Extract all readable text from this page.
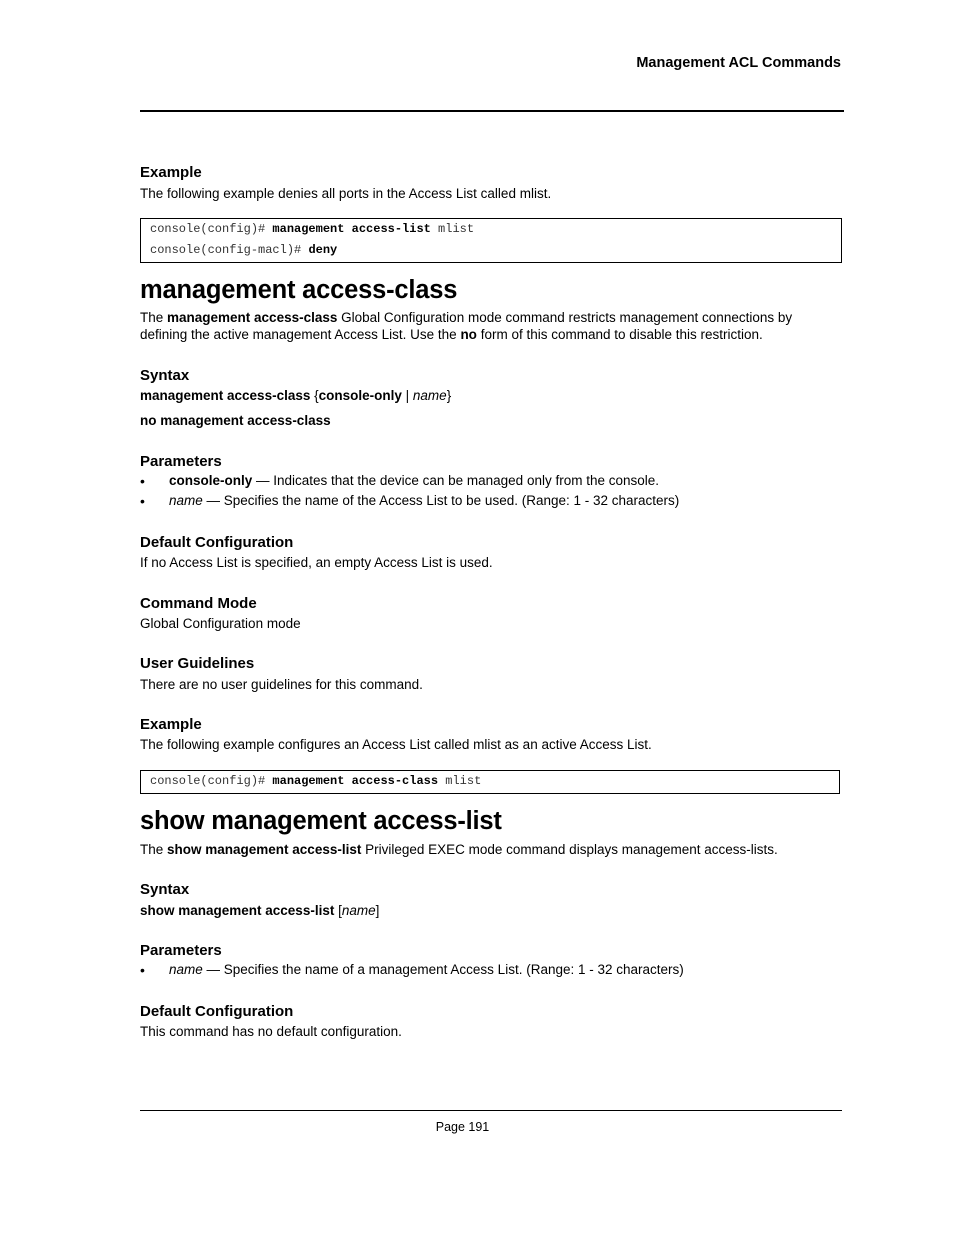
Management ACL Commands
Example
The following example denies all ports in the Access List called mlist.
console(config)# management access-list mlist
console(config-macl)# deny
management access-class
The management access-class Global Configuration mode command restricts management connections by
defining the active management Access List. Use the no form of this command to disable this restriction.
Syntax
management access-class {console-only | name}
no management access-class
Parameters
• console-only — Indicates that the device can be managed only from the console.
• name — Specifies the name of the Access List to be used. (Range: 1 - 32 characters)
Default Configuration
If no Access List is specified, an empty Access List is used.
Command Mode
Global Configuration mode
User Guidelines
There are no user guidelines for this command.
Example
The following example configures an Access List called mlist as an active Access List.
console(config)# management access-class mlist
show management access-list
The show management access-list Privileged EXEC mode command displays management access-lists.
Syntax
show management access-list [name]
Parameters
• name — Specifies the name of a management Access List. (Range: 1 - 32 characters)
Default Configuration
This command has no default configuration.
Page 191
